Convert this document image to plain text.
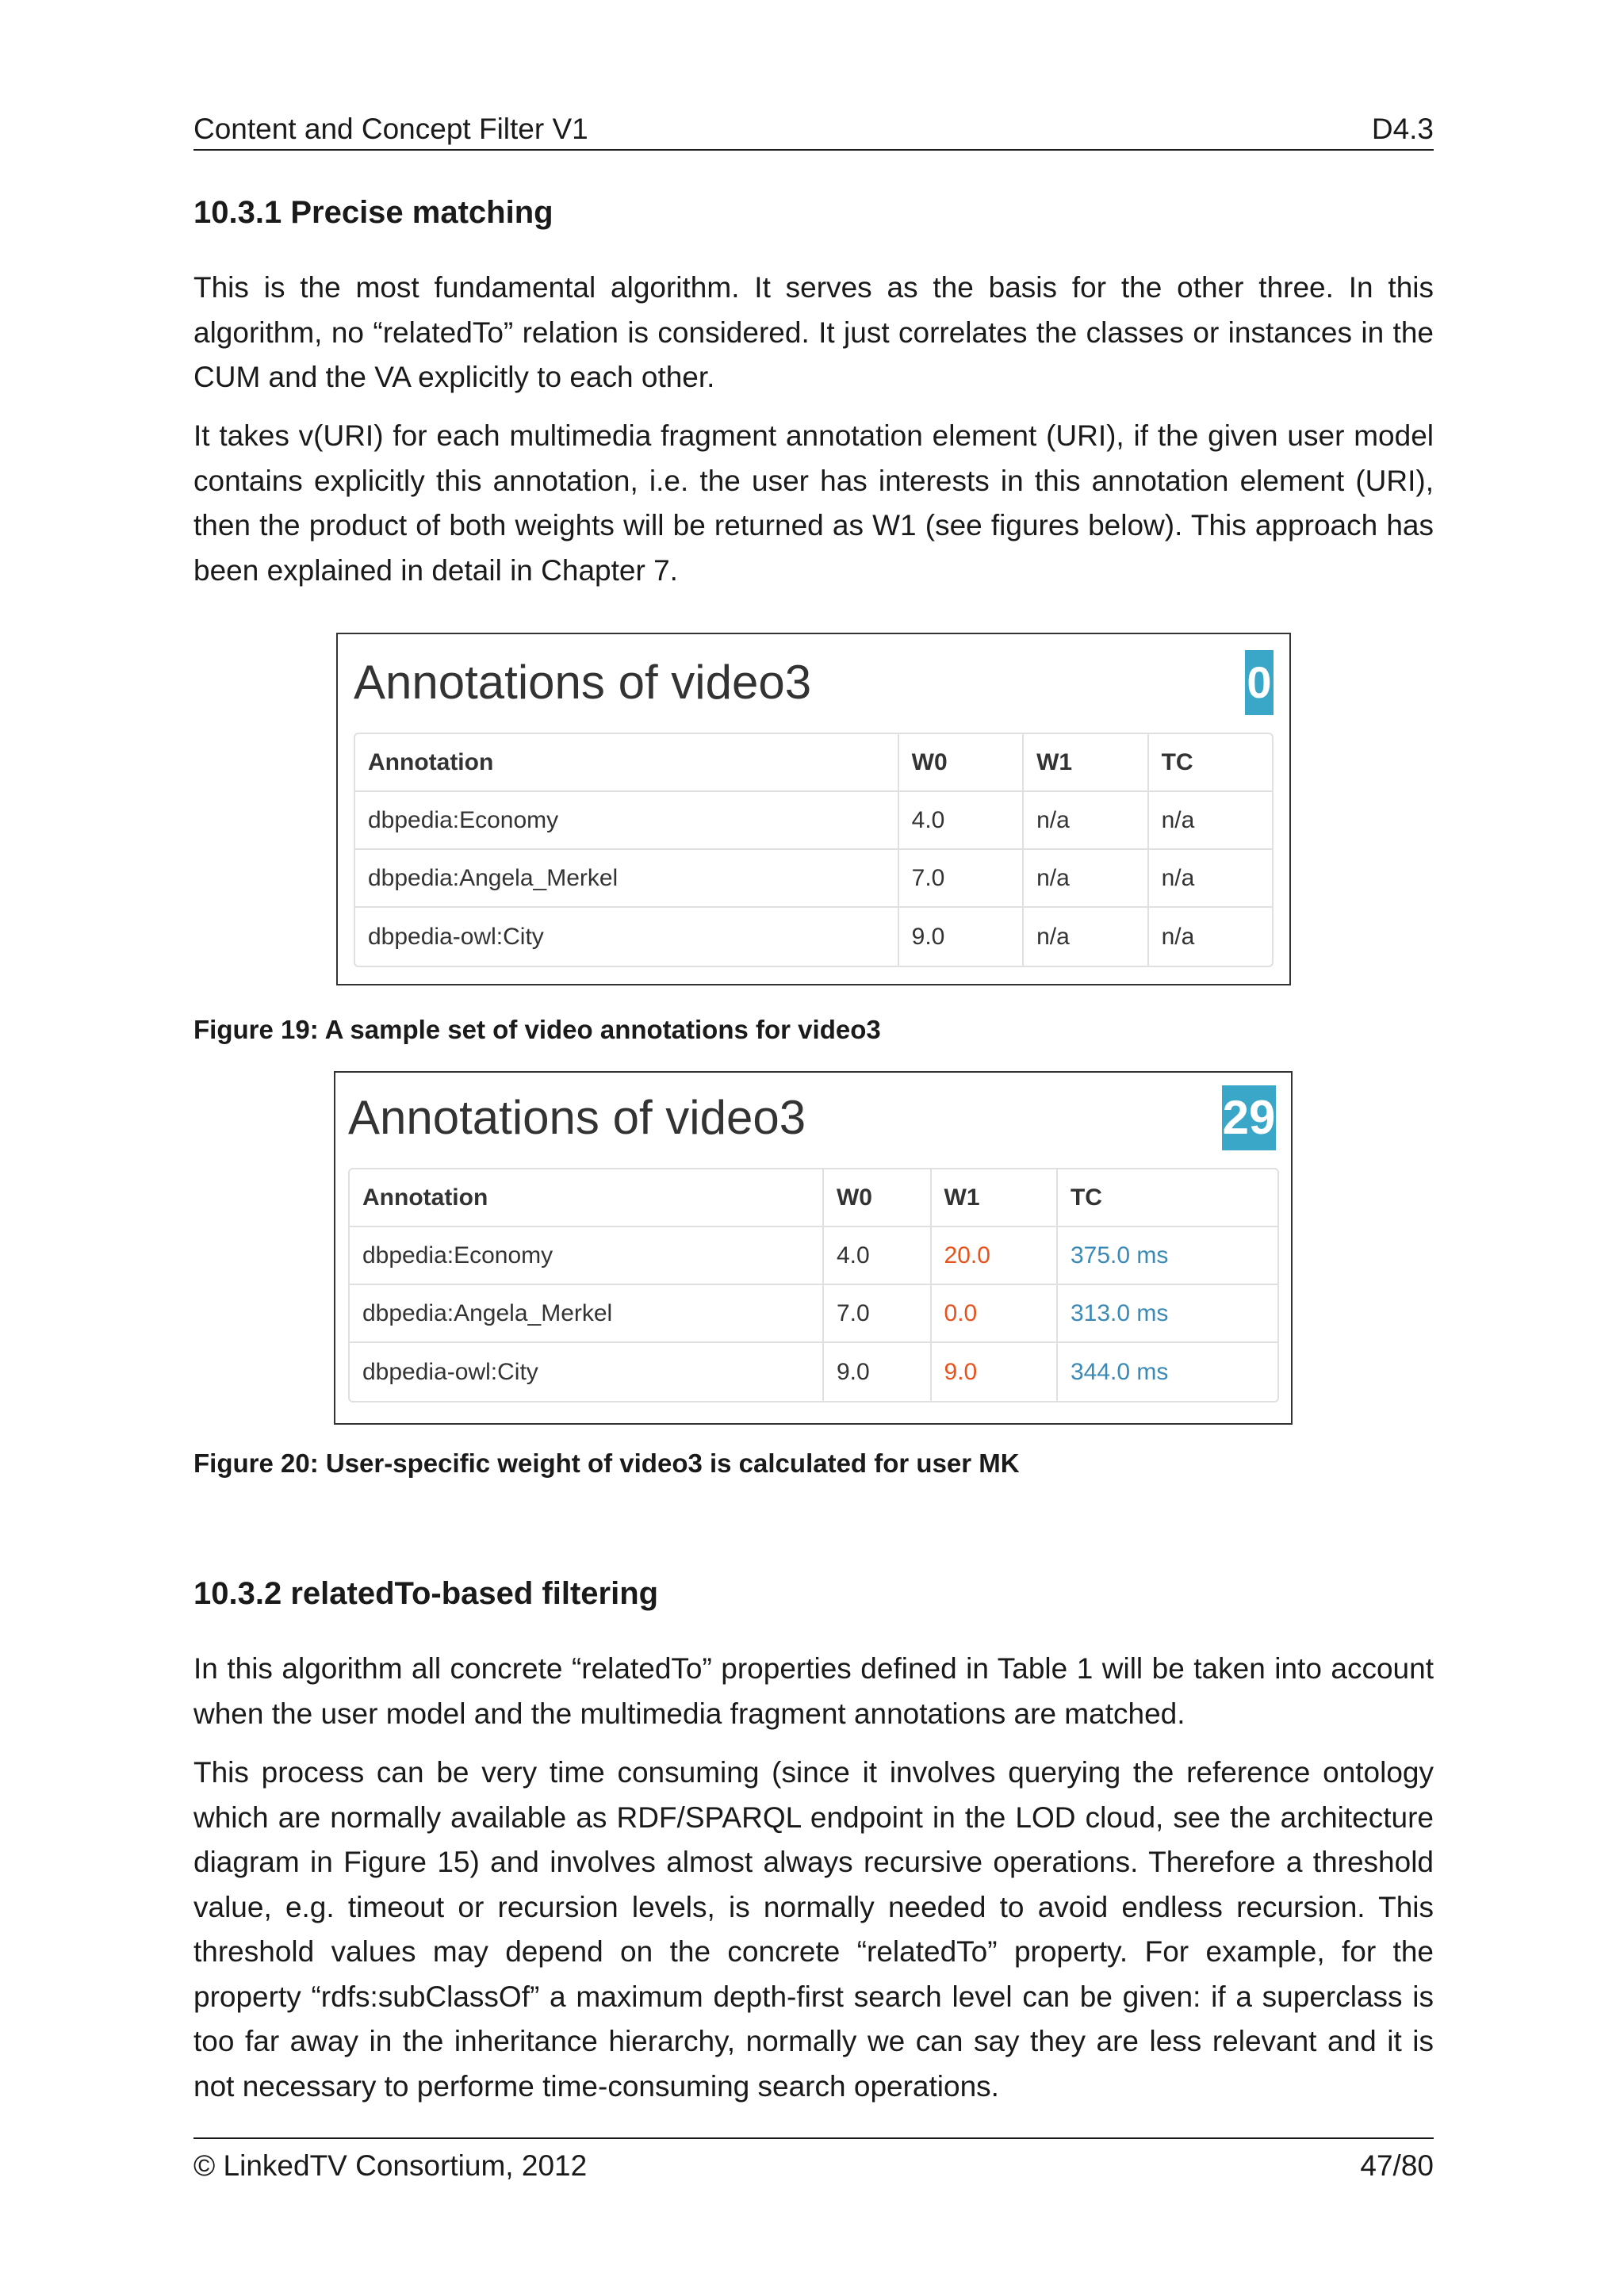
Content and Concept Filter V1	D4.3
10.3.1 Precise matching

This is the most fundamental algorithm. It serves as the basis for the other three. In this algorithm, no “relatedTo” relation is considered. It just correlates the classes or instances in the CUM and the VA explicitly to each other.

It takes v(URI) for each multimedia fragment annotation element (URI), if the given user model contains explicitly this annotation, i.e. the user has interests in this annotation element (URI), then the product of both weights will be returned as W1 (see figures below). This approach has been explained in detail in Chapter 7.

Annotations of video3	0
Annotation	W0	W1	TC
dbpedia:Economy	4.0	n/a	n/a
dbpedia:Angela_Merkel	7.0	n/a	n/a
dbpedia-owl:City	9.0	n/a	n/a

Figure 19: A sample set of video annotations for video3

Annotations of video3	29
Annotation	W0	W1	TC
dbpedia:Economy	4.0	20.0	375.0 ms
dbpedia:Angela_Merkel	7.0	0.0	313.0 ms
dbpedia-owl:City	9.0	9.0	344.0 ms

Figure 20: User-specific weight of video3 is calculated for user MK

10.3.2 relatedTo-based filtering

In this algorithm all concrete “relatedTo” properties defined in Table 1 will be taken into account when the user model and the multimedia fragment annotations are matched.

This process can be very time consuming (since it involves querying the reference ontology which are normally available as RDF/SPARQL endpoint in the LOD cloud, see the architecture diagram in Figure 15) and involves almost always recursive operations. Therefore a threshold value, e.g. timeout or recursion levels, is normally needed to avoid endless recursion. This threshold values may depend on the concrete “relatedTo” property. For example, for the property “rdfs:subClassOf” a maximum depth-first search level can be given: if a superclass is too far away in the inheritance hierarchy, normally we can say they are less relevant and it is not necessary to performe time-consuming search operations.

© LinkedTV Consortium, 2012	47/80
